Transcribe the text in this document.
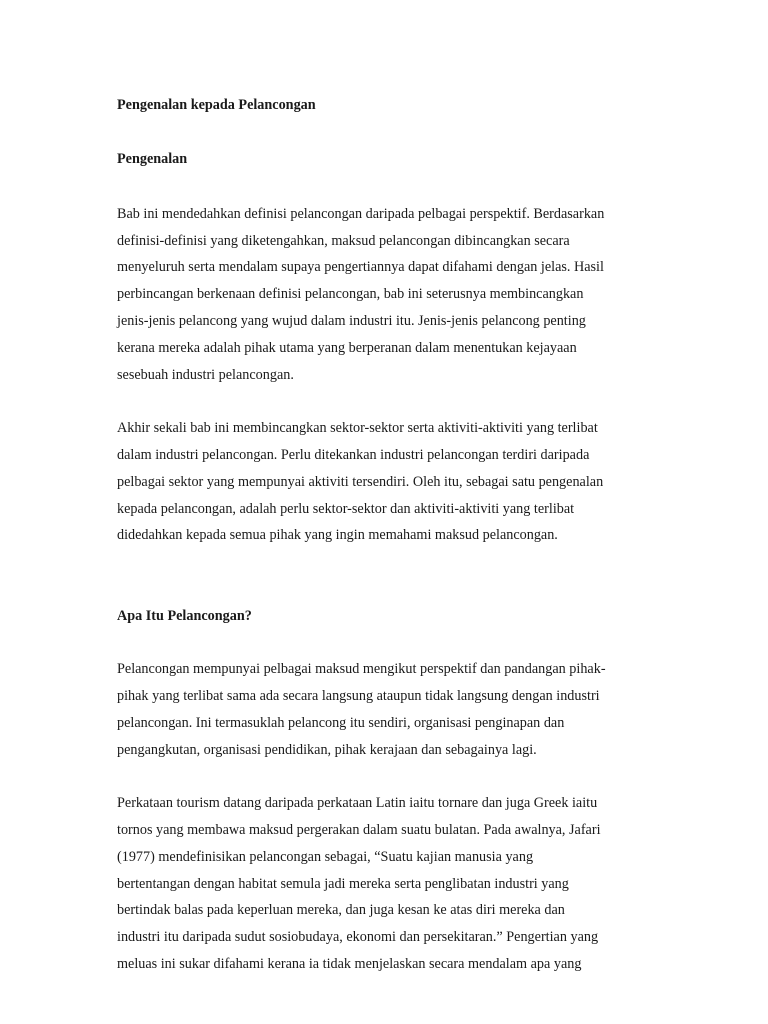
Pengenalan kepada Pelancongan
Pengenalan
Bab ini mendedahkan definisi pelancongan daripada pelbagai perspektif. Berdasarkan
definisi-definisi yang diketengahkan, maksud pelancongan dibincangkan secara
menyeluruh serta mendalam supaya pengertiannya dapat difahami dengan jelas. Hasil
perbincangan berkenaan definisi pelancongan, bab ini seterusnya membincangkan
jenis-jenis pelancong yang wujud dalam industri itu. Jenis-jenis pelancong penting
kerana mereka adalah pihak utama yang berperanan dalam menentukan kejayaan
sesebuah industri pelancongan.
Akhir sekali bab ini membincangkan sektor-sektor serta aktiviti-aktiviti yang terlibat
dalam industri pelancongan. Perlu ditekankan industri pelancongan terdiri daripada
pelbagai sektor yang mempunyai aktiviti tersendiri. Oleh itu, sebagai satu pengenalan
kepada pelancongan, adalah perlu sektor-sektor dan aktiviti-aktiviti yang terlibat
didedahkan kepada semua pihak yang ingin memahami maksud pelancongan.
Apa Itu Pelancongan?
Pelancongan mempunyai pelbagai maksud mengikut perspektif dan pandangan pihak-
pihak yang terlibat sama ada secara langsung ataupun tidak langsung dengan industri
pelancongan. Ini termasuklah pelancong itu sendiri, organisasi penginapan dan
pengangkutan, organisasi pendidikan, pihak kerajaan dan sebagainya lagi.
Perkataan tourism datang daripada perkataan Latin iaitu tornare dan juga Greek iaitu
tornos yang membawa maksud pergerakan dalam suatu bulatan. Pada awalnya, Jafari
(1977) mendefinisikan pelancongan sebagai, “Suatu kajian manusia yang
bertentangan dengan habitat semula jadi mereka serta penglibatan industri yang
bertindak balas pada keperluan mereka, dan juga kesan ke atas diri mereka dan
industri itu daripada sudut sosiobudaya, ekonomi dan persekitaran.” Pengertian yang
meluas ini sukar difahami kerana ia tidak menjelaskan secara mendalam apa yang
